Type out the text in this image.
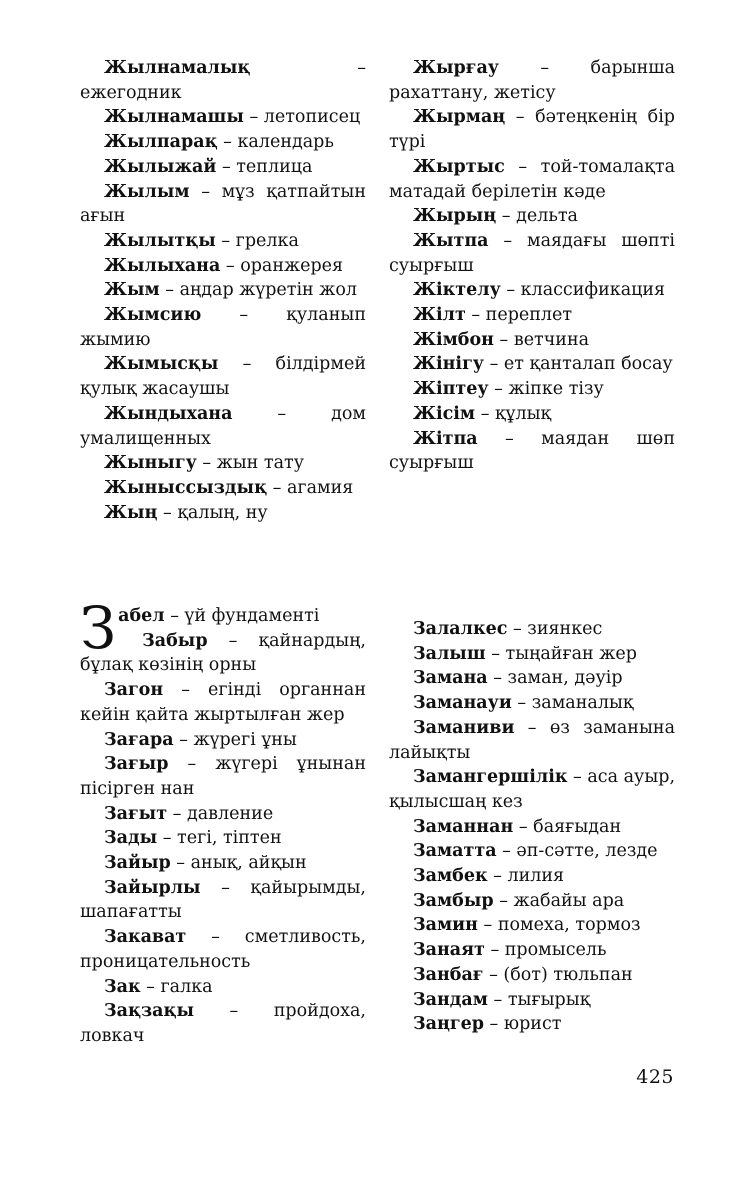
Жылнамалық – ежегодник
Жылнамашы – летописец
Жылпарақ – календарь
Жылыжай – теплица
Жылым – мұз қатпайтын ағын
Жылытқы – грелка
Жылыхана – оранжерея
Жым – аңдар жүретін жол
Жымсию – қуланып жымию
Жымысқы – білдірмей қулық жасаушы
Жындыхана – дом умалищенных
Жыныгу – жын тату
Жыныссыздық – агамия
Жың – қалың, ну
Жырғау – барынша рахаттану, жетісу
Жырмаң – бәтеңкенің бір түрі
Жыртыс – той-томалақта матадай берілетін кәде
Жырың – дельта
Жытпа – маядағы шөпті суырғыш
Жіктелу – классификация
Жілт – переплет
Жімбон – ветчина
Жінігу – ет қанталап босау
Жіптеу – жіпке тізу
Жісім – құлық
Жітпа – маядан шөп суырғыш
Забел – үй фундаменті
Забыр – қайнардың, бұлақ көзінің орны
Загон – егінді органнан кейін қайта жыртылған жер
Зағара – жүрегі ұны
Зағыр – жүгері ұнынан пісірген нан
Зағыт – давление
Зады – тегі, тіптен
Зайыр – анық, айқын
Зайырлы – қайырымды, шапағатты
Закават – сметливость, проницательность
Зак – галка
Зақзақы – пройдоха, ловкач
Залалкес – зиянкес
Залыш – тыңайған жер
Замана – заман, дәуір
Заманауи – заманалық
Заманиви – өз заманына лайықты
Замангершілік – аса ауыр, қылысшаң кез
Заманнан – баяғыдан
Заматта – әп-сәтте, лезде
Замбек – лилия
Замбыр – жабайы ара
Замин – помеха, тормоз
Занаят – промысель
Занбағ – (бот) тюльпан
Зандам – тығырық
Заңгер – юрист
425
